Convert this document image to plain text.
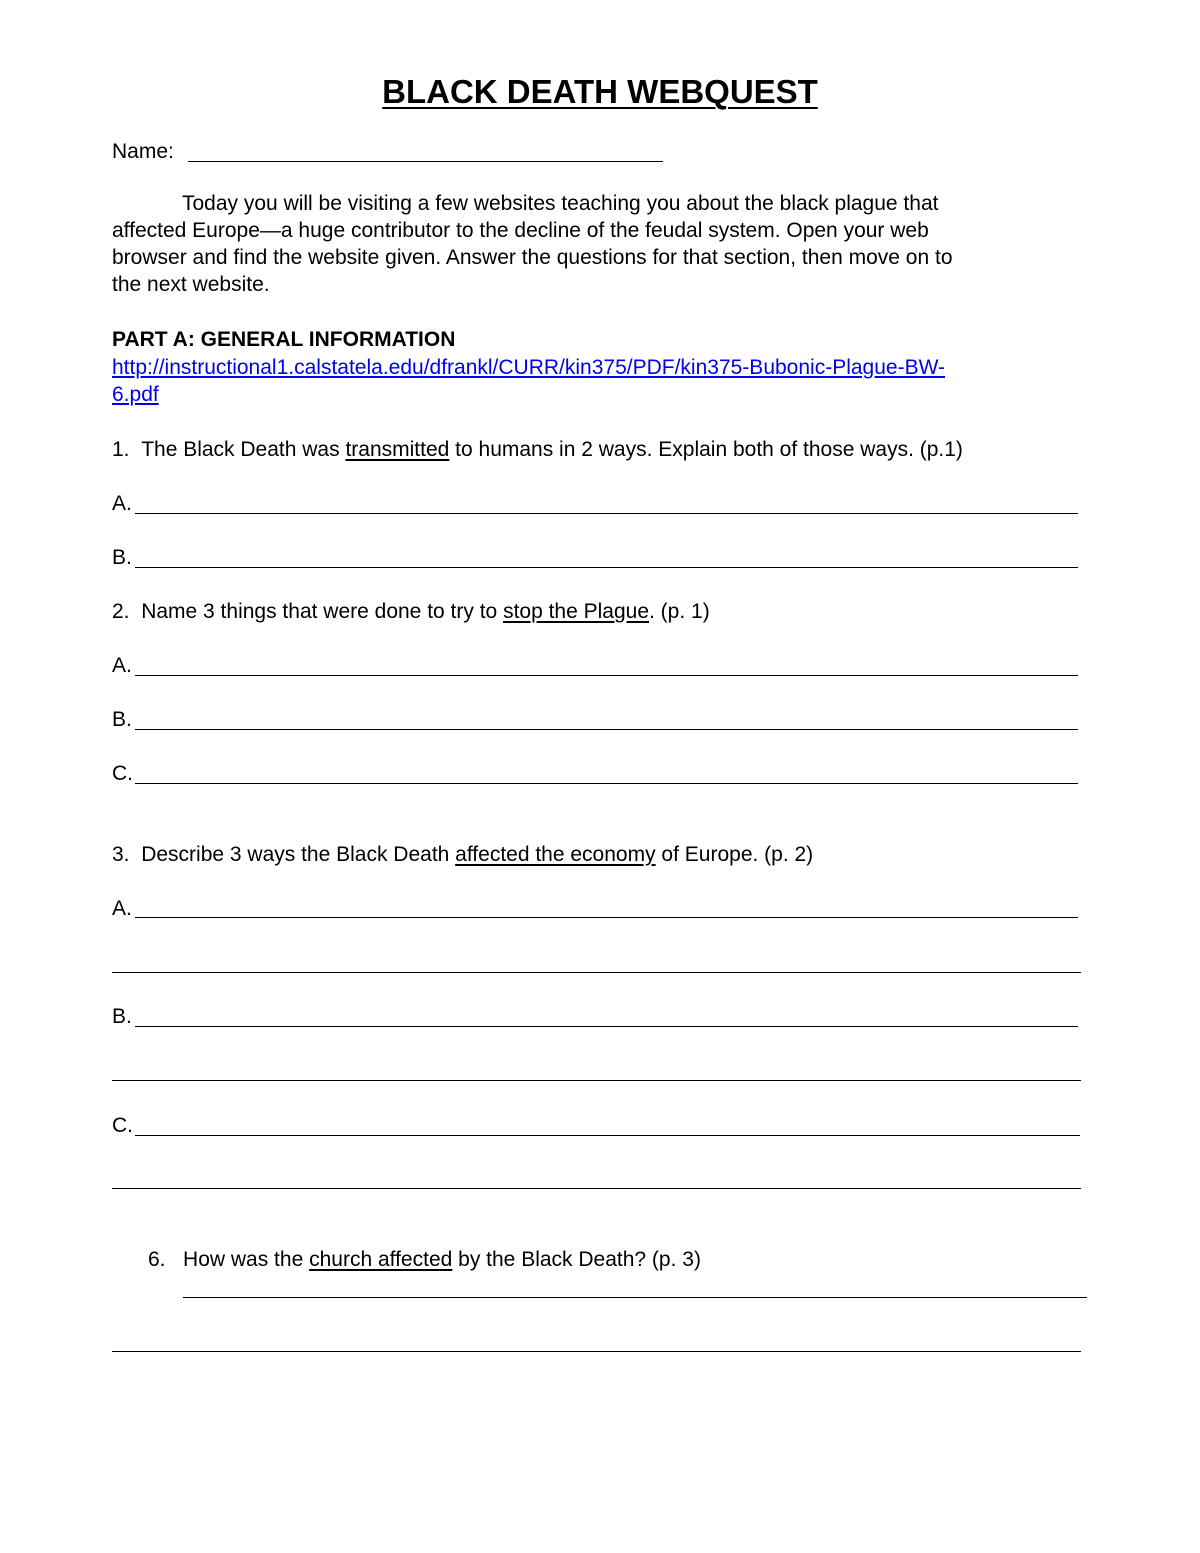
BLACK DEATH WEBQUEST
Name:
Today you will be visiting a few websites teaching you about the black plague that
affected Europe—a huge contributor to the decline of the feudal system. Open your web
browser and find the website given. Answer the questions for that section, then move on to
the next website.
PART A: GENERAL INFORMATION
http://instructional1.calstatela.edu/dfrankl/CURR/kin375/PDF/kin375-Bubonic-Plague-BW-
6.pdf
1. The Black Death was transmitted to humans in 2 ways. Explain both of those ways. (p.1)
A.
B.
2. Name 3 things that were done to try to stop the Plague. (p. 1)
A.
B.
C.
3. Describe 3 ways the Black Death affected the economy of Europe. (p. 2)
A.
B.
C.
6. How was the church affected by the Black Death? (p. 3)
